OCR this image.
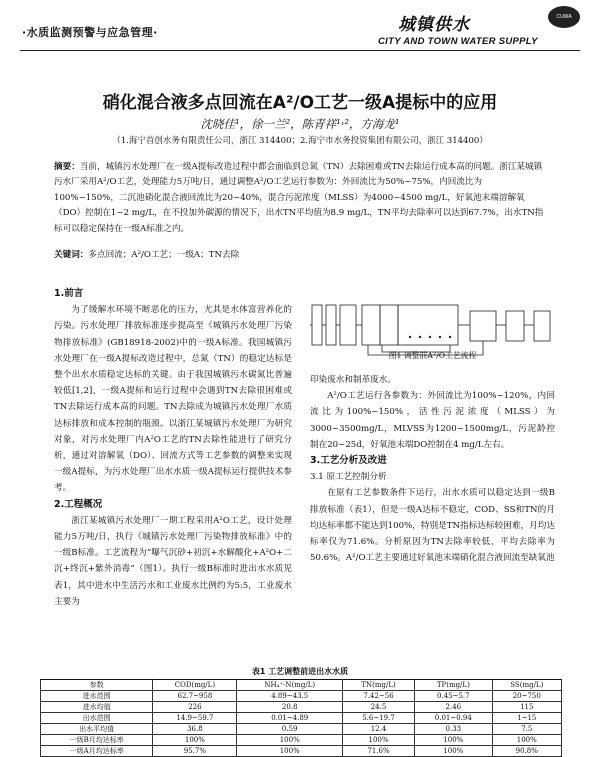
·水质监测预警与应急管理·	城镇供水
CITY AND TOWN WATER SUPPLY
CUWA
硝化混合液多点回流在A²/O工艺一级A提标中的应用
沈晓佳¹，徐一兰²，陈青祥¹˒²，方海龙¹
（1.海宁首创水务有限责任公司，浙江 314400；2.海宁市水务投资集团有限公司，浙江 314400）
摘要：当前，城镇污水处理厂在一级A提标改造过程中都会面临到总氮（TN）去除困难或TN去除运行成本高的问题。浙江某城镇污水厂采用A²/O工艺，处理能力5万吨/日，通过调整A²/O工艺运行参数为：外回流比为50%~75%，内回流比为100%~150%，二沉池硝化混合液回流比为20~40%，混合污泥浓度（MLSS）为4000~4500 mg/L，好氧池末端溶解氧（DO）控制在1~2 mg/L，在不投加外碳源的情况下，出水TN平均值为8.9 mg/L，TN平均去除率可以达到67.7%，出水TN指标可以稳定保持在一级A标准之内。
关键词：多点回流；A²/O工艺；一级A；TN去除

1.前言

为了缓解水环境不断恶化的压力，尤其是水体富营养化的污染。污水处理厂排放标准逐步提高至《城镇污水处理厂污染物排放标准》(GB18918-2002)中的一级A标准。我国城镇污水处理厂在一级A提标改造过程中，总氮（TN）的稳定达标是整个出水水质稳定达标的关键。由于我国城镇污水碳氮比普遍较低[1,2]，一级A提标和运行过程中会遇到TN去除很困难或TN去除运行成本高的问题。TN去除成为城镇污水处理厂水质达标排放和成本控制的瓶颈。以浙江某城镇污水处理厂为研究对象，对污水处理厂内A²O工艺的TN去除性能进行了研究分析，通过对溶解氧（DO）、回流方式等工艺参数的调整来实现一级A提标，为污水处理厂出水水质一级A提标运行提供技术参考。

2.工程概况

浙江某城镇污水处理厂一期工程采用A²O工艺，设计处理能力5万吨/日，执行《城镇污水处理厂污染物排放标准》中的一级B标准。工艺流程为“曝气沉砂+初沉+水解酸化+A²O+二沉+终沉+紫外消毒”（图1）。执行一级B标准时进出水水质见表1，其中进水中生活污水和工业废水比例约为5:5，工业废水主要为

图1 调整前A²/O工艺流程

印染废水和制革废水。

A²/O工艺运行各参数为：外回流比为100%~120%，内回流比为100%~150%，活性污泥浓度（MLSS）为3000~3500mg/L，MLVSS为1200~1500mg/L，污泥龄控制在20~25d，好氧池末端DO控制在4 mg/L左右。

3.工艺分析及改进

3.1 原工艺控制分析

在原有工艺参数条件下运行，出水水质可以稳定达到一级B排放标准（表1），但是一级A达标不稳定，COD、SS和TN的月均达标率都不能达到100%，特别是TN指标达标较困难，月均达标率仅为71.6%。分析原因为TN去除率较低，平均去除率为50.6%。A²/O工艺主要通过好氧池末端硝化混合液回流至缺氧池

表1 工艺调整前进出水水质
参数	COD(mg/L)	NH₄⁺-N(mg/L)	TN(mg/L)	TP(mg/L)	SS(mg/L)
进水范围	62.7~958	4.89~43.5	7.42~56	0.45~5.7	20~750
进水均值	226	20.8	24.5	2.46	115
出水范围	14.9~59.7	0.01~4.89	5.6~19.7	0.01~0.94	1~15
出水平均值	36.8	0.59	12.4	0.33	7.5
一级B月均达标率	100%	100%	100%	100%	100%
一级A月均达标率	95.7%	100%	71.6%	100%	90.8%
